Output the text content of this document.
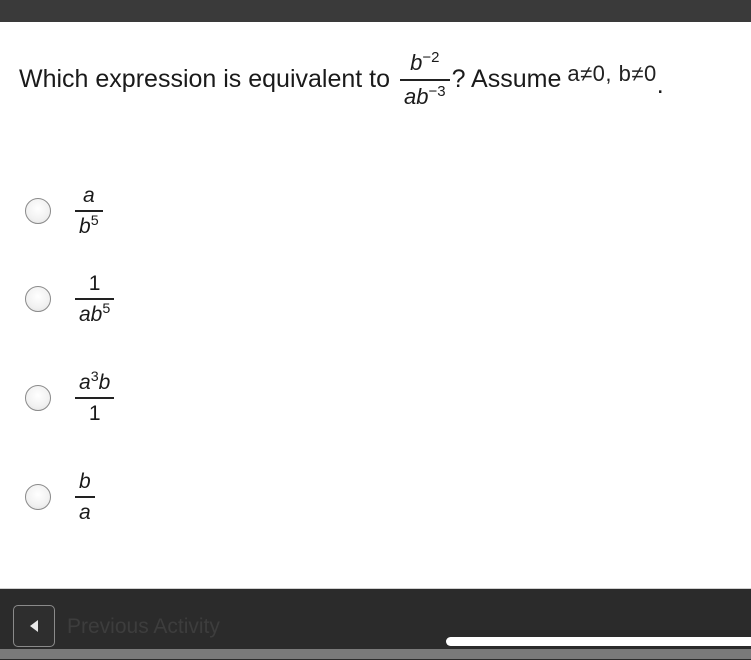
Which expression is equivalent to $\frac{b^{-2}}{ab^{-3}}$ ? Assume a≠0, b≠0 .
$\frac{a}{b^5}$
$\frac{1}{ab^5}$
$\frac{a^3b}{1}$
$\frac{b}{a}$
Previous Activity
